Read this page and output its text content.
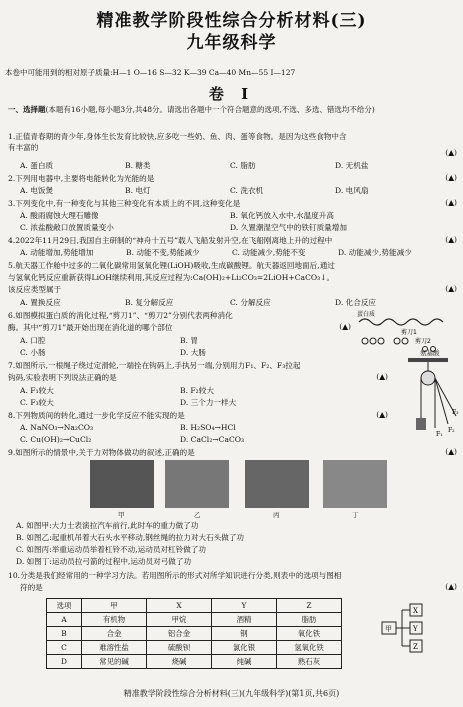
精准教学阶段性综合分析材料(三)
九年级科学
本卷中可能用到的相对原子质量:H—1 O—16 S—32 K—39 Ca—40 Mn—55 I—127
卷 Ⅰ
一、选择题(本题有16小题,每小题3分,共48分。请选出各题中一个符合题意的选项,不选、多选、错选均不给分)
1.正值青春期的青少年,身体生长发育比较快,应多吃一些奶、鱼、肉、蛋等食物。是因为这些食物中含
有丰富的
(▲)
A. 蛋白质	B. 糖类	C. 脂肪	D. 无机盐
2.下列用电器中,主要将电能转化为光能的是	(▲)
A. 电饭煲	B. 电灯	C. 洗衣机	D. 电风扇
3.下列变化中,有一种变化与其他三种变化有本质上的不同,这种变化是	(▲)
A. 酸雨腐蚀大理石雕像	B. 氧化钙放入水中,水温度升高
C. 浓盐酸敞口放置质量变小	D. 久置潮湿空气中的铁钉质量增加
4.2022年11月29日,我国自主研制的“神舟十五号”载人飞船发射升空,在飞船刚离地上升的过程中	(▲)
A. 动能增加,势能增加	B. 动能不变,势能减少	C. 动能减少,势能不变	D. 动能减少,势能减少
5.航天器工作舱中过多的二氧化碳常用氢氧化锂(LiOH)吸收,生成碳酸锂。航天器返回地面后,通过
与氢氧化钙反应重新获得LiOH继续利用,其反应过程为:Ca(OH)₂+Li₂CO₃=2LiOH+CaCO₃↓。
该反应类型属于	(▲)
A. 置换反应	B. 复分解反应	C. 分解反应	D. 化合反应
6.如图模拟蛋白质的消化过程,“剪刀1”、“剪刀2”分别代表两种消化
酶。其中“剪刀1”最开始出现在消化道的哪个部位	(▲)
A. 口腔	B. 胃
C. 小肠	D. 大肠
蛋白质
剪刀1
剪刀2
氨基酸
7.如图所示,一根绳子绕过定滑轮,一端拴在钩码上,手执另一端,分别用力F₁、F₂、F₃拉起
钩码,实验表明下列说法正确的是	(▲)
A. F₁较大	B. F₂较大
C. F₃较大	D. 三个力一样大
F₁
F₂
F₃
8.下列物质间的转化,通过一步化学反应不能实现的是	(▲)
A. NaNO₃→Na₂CO₃	B. H₂SO₄→HCl
C. Cu(OH)₂→CuCl₂	D. CaCl₂→CaCO₃
9.如图所示的情景中,关于力对物体做功的叙述,正确的是	(▲)
甲	乙	丙	丁
A. 如图甲:大力士表演拉汽车前行,此时车的重力做了功
B. 如图乙:起重机吊着大石头水平移动,钢丝绳的拉力对大石头做了功
C. 如图丙:举重运动员举着杠铃不动,运动员对杠铃做了功
D. 如图丁:运动员拉弓箭的过程中,运动员对弓做了功
10.分类是我们经常用的一种学习方法。若用图所示的形式对所学知识进行分类,则表中的选项与图相
符的是	(▲)
选项	甲	X	Y	Z
A	有机物	甲烷	酒精	脂肪
B	合金	铝合金	钢	氧化铁
C	难溶性盐	硫酸钡	氯化银	氢氧化铁
D	常见的碱	烧碱	纯碱	熟石灰
甲
X
Y
Z
精准教学阶段性综合分析材料(三)(九年级科学)(第1页,共6页)
